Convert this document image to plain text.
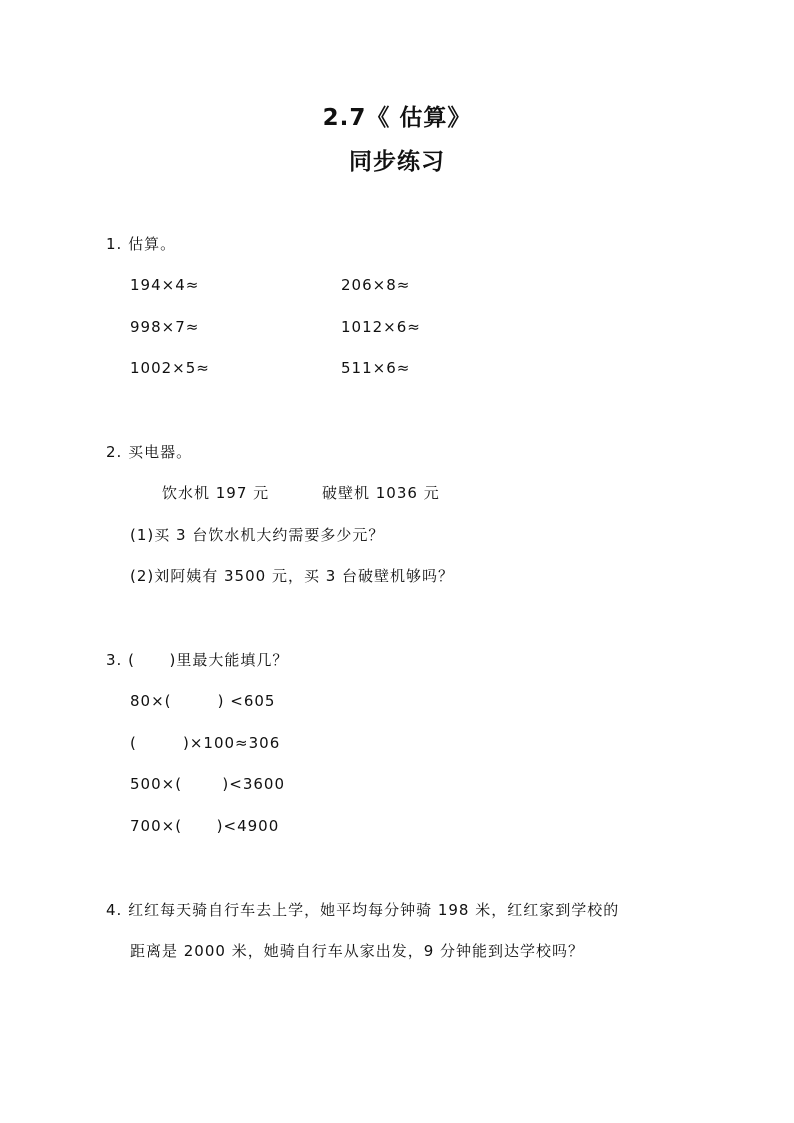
2.7《 估算》
同步练习
1. 估算。
194×4≈	206×8≈
998×7≈	1012×6≈
1002×5≈	511×6≈
2. 买电器。
饮水机 197 元	破壁机 1036 元
(1)买 3 台饮水机大约需要多少元？
(2)刘阿姨有 3500 元，买 3 台破壁机够吗？
3. (      )里最大能填几？
80×(        ) <605
(        )×100≈306
500×(       )<3600
700×(      )<4900
4. 红红每天骑自行车去上学，她平均每分钟骑 198 米，红红家到学校的
距离是 2000 米，她骑自行车从家出发，9 分钟能到达学校吗？
